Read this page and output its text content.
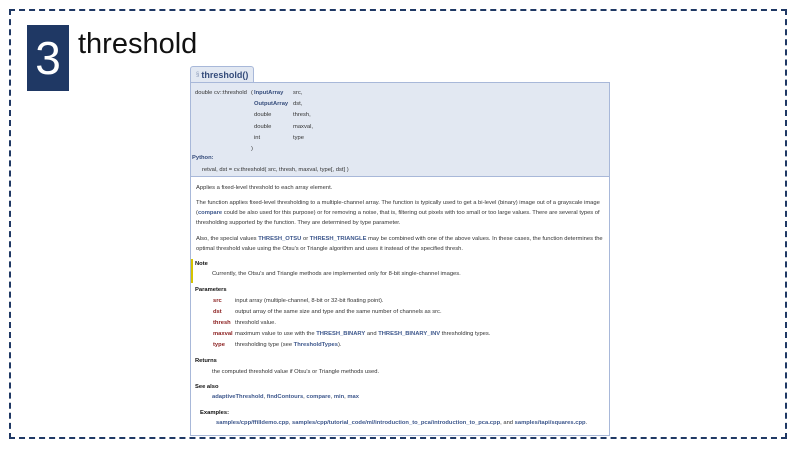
3 threshold
§ threshold()
double cv::threshold ( InputArray src,
OutputArray dst,
double	thresh,
double	maxval,
int	type
)
Python:
retval, dst = cv.threshold( src, thresh, maxval, type[, dst] )
Applies a fixed-level threshold to each array element.
The function applies fixed-level thresholding to a multiple-channel array. The function is typically used to get a bi-level (binary) image out of a grayscale image (compare could be also used for this purpose) or for removing a noise, that is, filtering out pixels with too small or too large values. There are several types of thresholding supported by the function. They are determined by type parameter.
Also, the special values THRESH_OTSU or THRESH_TRIANGLE may be combined with one of the above values. In these cases, the function determines the optimal threshold value using the Otsu's or Triangle algorithm and uses it instead of the specified thresh.
Note
Currently, the Otsu's and Triangle methods are implemented only for 8-bit single-channel images.
Parameters
src input array (multiple-channel, 8-bit or 32-bit floating point).
dst output array of the same size and type and the same number of channels as src.
thresh threshold value.
maxval maximum value to use with the THRESH_BINARY and THRESH_BINARY_INV thresholding types.
type thresholding type (see ThresholdTypes).
Returns
the computed threshold value if Otsu's or Triangle methods used.
See also
adaptiveThreshold, findContours, compare, min, max
Examples:
samples/cpp/ffilldemo.cpp, samples/cpp/tutorial_code/ml/introduction_to_pca/introduction_to_pca.cpp, and samples/tapi/squares.cpp.
